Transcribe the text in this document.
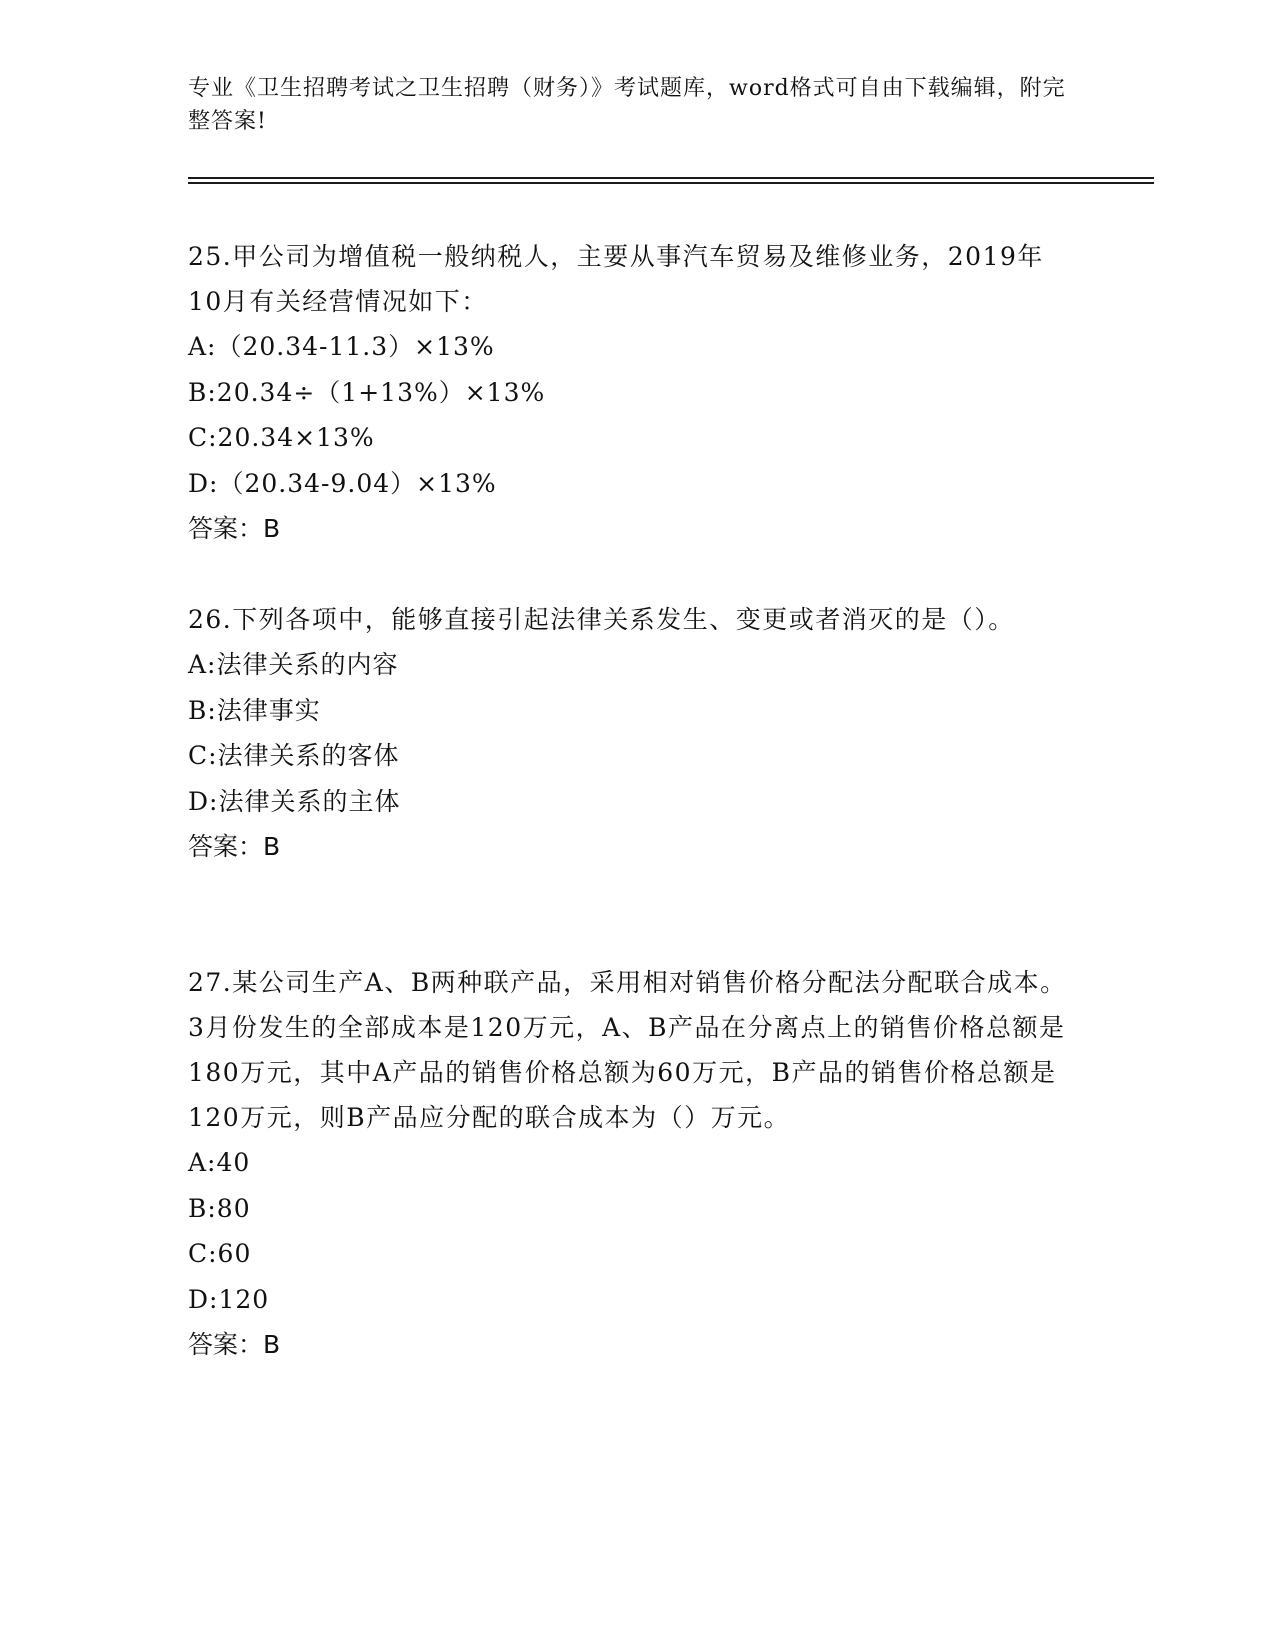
专业《卫生招聘考试之卫生招聘（财务）》考试题库，word格式可自由下载编辑，附完整答案!

25.甲公司为增值税一般纳税人，主要从事汽车贸易及维修业务，2019年10月有关经营情况如下：

A:（20.34-11.3）×13%

B:20.34÷（1+13%）×13%

C:20.34×13%

D:（20.34-9.04）×13%

答案：B

26.下列各项中，能够直接引起法律关系发生、变更或者消灭的是（）。

A:法律关系的内容

B:法律事实

C:法律关系的客体

D:法律关系的主体

答案：B

27.某公司生产A、B两种联产品，采用相对销售价格分配法分配联合成本。3月份发生的全部成本是120万元，A、B产品在分离点上的销售价格总额是180万元，其中A产品的销售价格总额为60万元，B产品的销售价格总额是120万元，则B产品应分配的联合成本为（）万元。

A:40

B:80

C:60

D:120

答案：B
